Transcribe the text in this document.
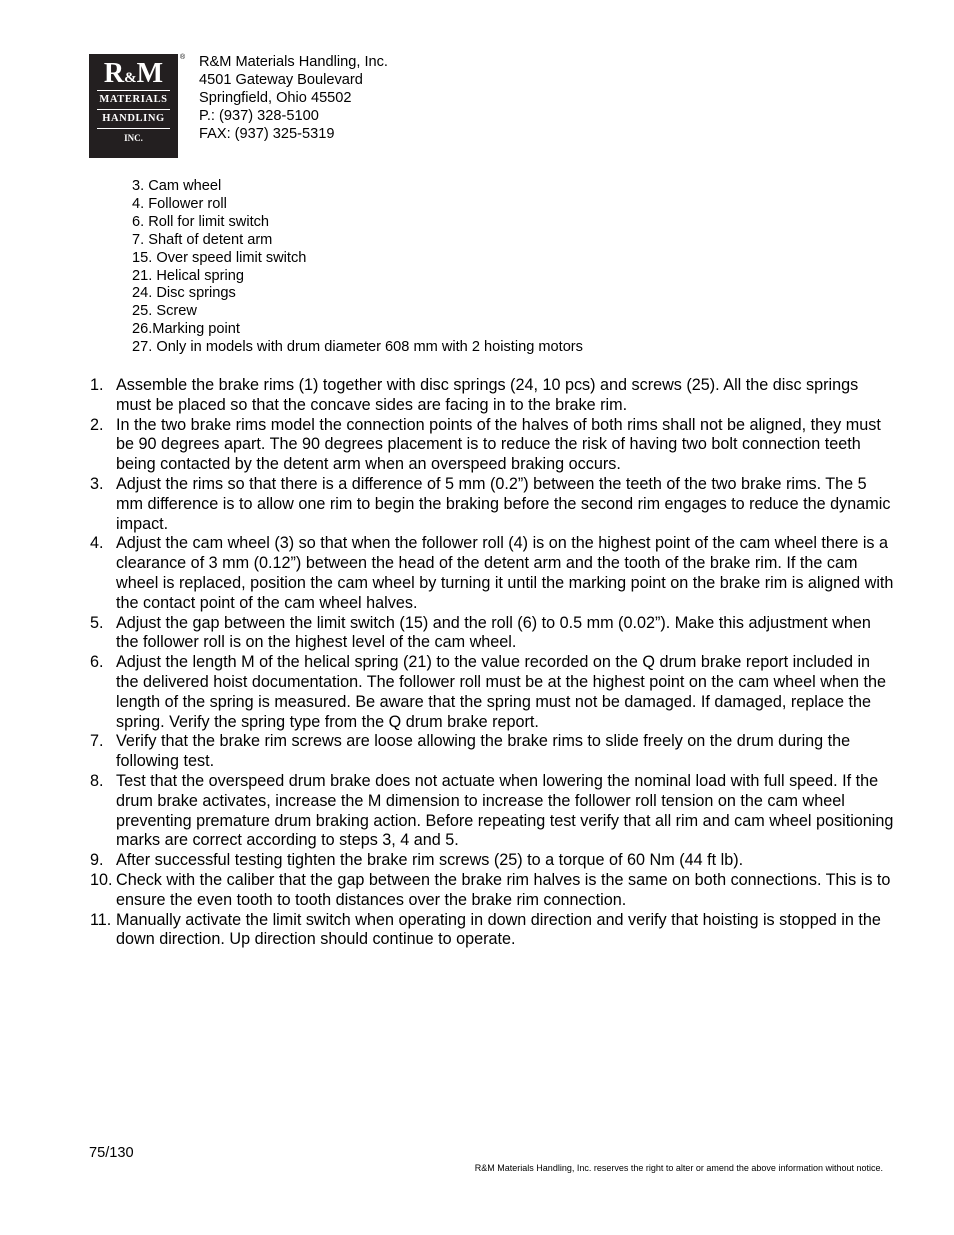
R&M
MATERIALS
HANDLING
INC.
® R&M Materials Handling, Inc.
4501 Gateway Boulevard
Springfield, Ohio 45502
P.: (937) 328-5100
FAX: (937) 325-5319
3. Cam wheel
4. Follower roll
6. Roll for limit switch
7. Shaft of detent arm
15. Over speed limit switch
21. Helical spring
24. Disc springs
25. Screw
26.Marking point
27. Only in models with drum diameter 608 mm with 2 hoisting motors
1. Assemble the brake rims (1) together with disc springs (24, 10 pcs) and screws (25). All the disc springs must be placed so that the concave sides are facing in to the brake rim.
2. In the two brake rims model the connection points of the halves of both rims shall not be aligned, they must be 90 degrees apart. The 90 degrees placement is to reduce the risk of having two bolt connection teeth being contacted by the detent arm when an overspeed braking occurs.
3. Adjust the rims so that there is a difference of 5 mm (0.2”) between the teeth of the two brake rims. The 5 mm difference is to allow one rim to begin the braking before the second rim engages to reduce the dynamic impact.
4. Adjust the cam wheel (3) so that when the follower roll (4) is on the highest point of the cam wheel there is a clearance of 3 mm (0.12”) between the head of the detent arm and the tooth of the brake rim. If the cam wheel is replaced, position the cam wheel by turning it until the marking point on the brake rim is aligned with the contact point of the cam wheel halves.
5. Adjust the gap between the limit switch (15) and the roll (6) to 0.5 mm (0.02”). Make this adjustment when the follower roll is on the highest level of the cam wheel.
6. Adjust the length M of the helical spring (21) to the value recorded on the Q drum brake report included in the delivered hoist documentation. The follower roll must be at the highest point on the cam wheel when the length of the spring is measured. Be aware that the spring must not be damaged. If damaged, replace the spring. Verify the spring type from the Q drum brake report.
7. Verify that the brake rim screws are loose allowing the brake rims to slide freely on the drum during the following test.
8. Test that the overspeed drum brake does not actuate when lowering the nominal load with full speed. If the drum brake activates, increase the M dimension to increase the follower roll tension on the cam wheel preventing premature drum braking action. Before repeating test verify that all rim and cam wheel positioning marks are correct according to steps 3, 4 and 5.
9. After successful testing tighten the brake rim screws (25) to a torque of 60 Nm (44 ft lb).
10. Check with the caliber that the gap between the brake rim halves is the same on both connections. This is to ensure the even tooth to tooth distances over the brake rim connection.
11. Manually activate the limit switch when operating in down direction and verify that hoisting is stopped in the down direction. Up direction should continue to operate.
75/130
R&M Materials Handling, Inc. reserves the right to alter or amend the above information without notice.
